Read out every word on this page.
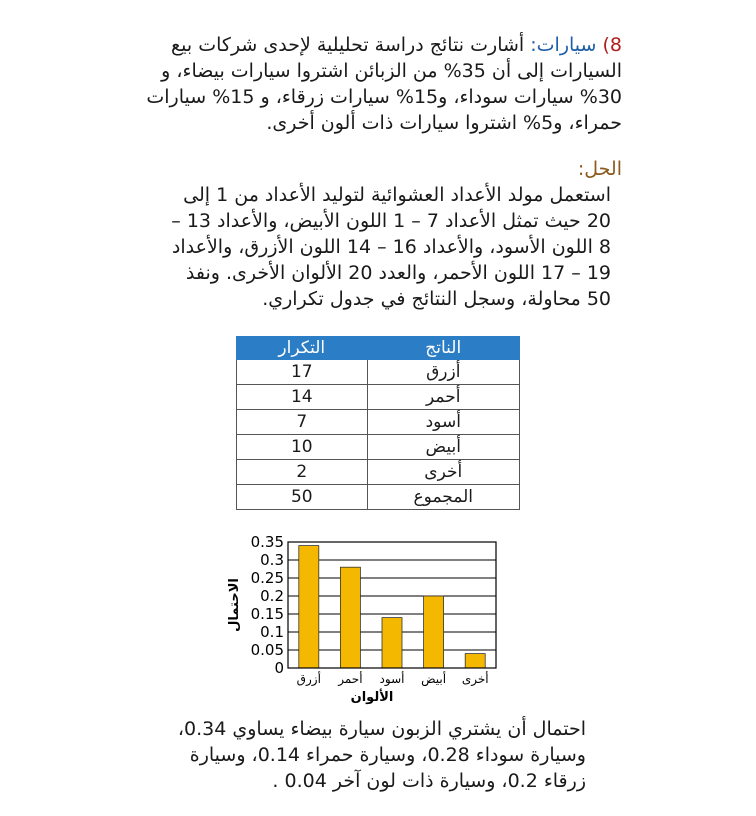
8) سيارات: أشارت نتائج دراسة تحليلية لإحدى شركات بيع السيارات إلى أن 35% من الزبائن اشتروا سيارات بيضاء، و 30% سيارات سوداء، و15% سيارات زرقاء، و 15% سيارات حمراء، و5% اشتروا سيارات ذات ألون أخرى.
الحل:
استعمل مولد الأعداد العشوائية لتوليد الأعداد من 1 إلى 20 حيث تمثل الأعداد 7 – 1 اللون الأبيض، والأعداد 13 – 8 اللون الأسود، والأعداد 16 – 14 اللون الأزرق، والأعداد 19 – 17 اللون الأحمر، والعدد 20 الألوان الأخرى. ونفذ 50 محاولة، وسجل النتائج في جدول تكراري.
الناتج	التكرار
أزرق	17
أحمر	14
أسود	7
أبيض	10
أخرى	2
المجموع	50
0
0.05
0.1
0.15
0.2
0.25
0.3
0.35
أزرق أحمر أسود أبيض أخرى
الاحتمال
الألوان
احتمال أن يشتري الزبون سيارة بيضاء يساوي 0.34، وسيارة سوداء 0.28، وسيارة حمراء 0.14، وسيارة زرقاء 0.2، وسيارة ذات لون آخر 0.04 .
